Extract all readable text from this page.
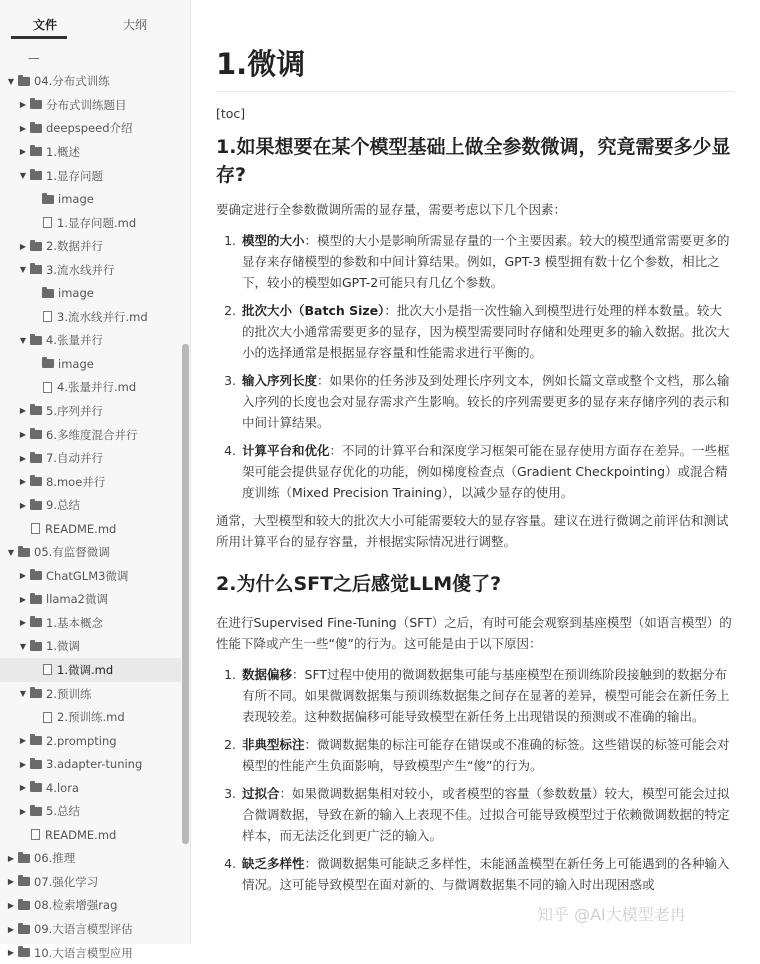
文件	大纲
—
▼ 04.分布式训练
▶ 分布式训练题目
▶ deepspeed介绍
▶ 1.概述
▼ 1.显存问题
image
1.显存问题.md
▶ 2.数据并行
▼ 3.流水线并行
image
3.流水线并行.md
▼ 4.张量并行
image
4.张量并行.md
▶ 5.序列并行
▶ 6.多维度混合并行
▶ 7.自动并行
▶ 8.moe并行
▶ 9.总结
README.md
▼ 05.有监督微调
▶ ChatGLM3微调
▶ llama2微调
▶ 1.基本概念
▼ 1.微调
1.微调.md
▼ 2.预训练
2.预训练.md
▶ 2.prompting
▶ 3.adapter-tuning
▶ 4.lora
▶ 5.总结
README.md
▶ 06.推理
▶ 07.强化学习
▶ 08.检索增强rag
▶ 09.大语言模型评估
▶ 10.大语言模型应用
1.微调

[toc]

1.如果想要在某个模型基础上做全参数微调，究竟需要多少显存?

要确定进行全参数微调所需的显存量，需要考虑以下几个因素：

1. 模型的大小：模型的大小是影响所需显存量的一个主要因素。较大的模型通常需要更多的显存来存储模型的参数和中间计算结果。例如，GPT-3 模型拥有数十亿个参数，相比之下，较小的模型如GPT-2可能只有几亿个参数。
2. 批次大小（Batch Size）：批次大小是指一次性输入到模型进行处理的样本数量。较大的批次大小通常需要更多的显存，因为模型需要同时存储和处理更多的输入数据。批次大小的选择通常是根据显存容量和性能需求进行平衡的。
3. 输入序列长度：如果你的任务涉及到处理长序列文本，例如长篇文章或整个文档，那么输入序列的长度也会对显存需求产生影响。较长的序列需要更多的显存来存储序列的表示和中间计算结果。
4. 计算平台和优化：不同的计算平台和深度学习框架可能在显存使用方面存在差异。一些框架可能会提供显存优化的功能，例如梯度检查点（Gradient Checkpointing）或混合精度训练（Mixed Precision Training），以减少显存的使用。

通常，大型模型和较大的批次大小可能需要较大的显存容量。建议在进行微调之前评估和测试所用计算平台的显存容量，并根据实际情况进行调整。

2.为什么SFT之后感觉LLM傻了?

在进行Supervised Fine-Tuning（SFT）之后，有时可能会观察到基座模型（如语言模型）的性能下降或产生一些“傻”的行为。这可能是由于以下原因：

1. 数据偏移：SFT过程中使用的微调数据集可能与基座模型在预训练阶段接触到的数据分布有所不同。如果微调数据集与预训练数据集之间存在显著的差异，模型可能会在新任务上表现较差。这种数据偏移可能导致模型在新任务上出现错误的预测或不准确的输出。
2. 非典型标注：微调数据集的标注可能存在错误或不准确的标签。这些错误的标签可能会对模型的性能产生负面影响，导致模型产生“傻”的行为。
3. 过拟合：如果微调数据集相对较小，或者模型的容量（参数数量）较大，模型可能会过拟合微调数据，导致在新的输入上表现不佳。过拟合可能导致模型过于依赖微调数据的特定样本，而无法泛化到更广泛的输入。
4. 缺乏多样性：微调数据集可能缺乏多样性，未能涵盖模型在新任务上可能遇到的各种输入情况。这可能导致模型在面对新的、与微调数据集不同的输入时出现困惑或
知乎 @AI大模型老冉
